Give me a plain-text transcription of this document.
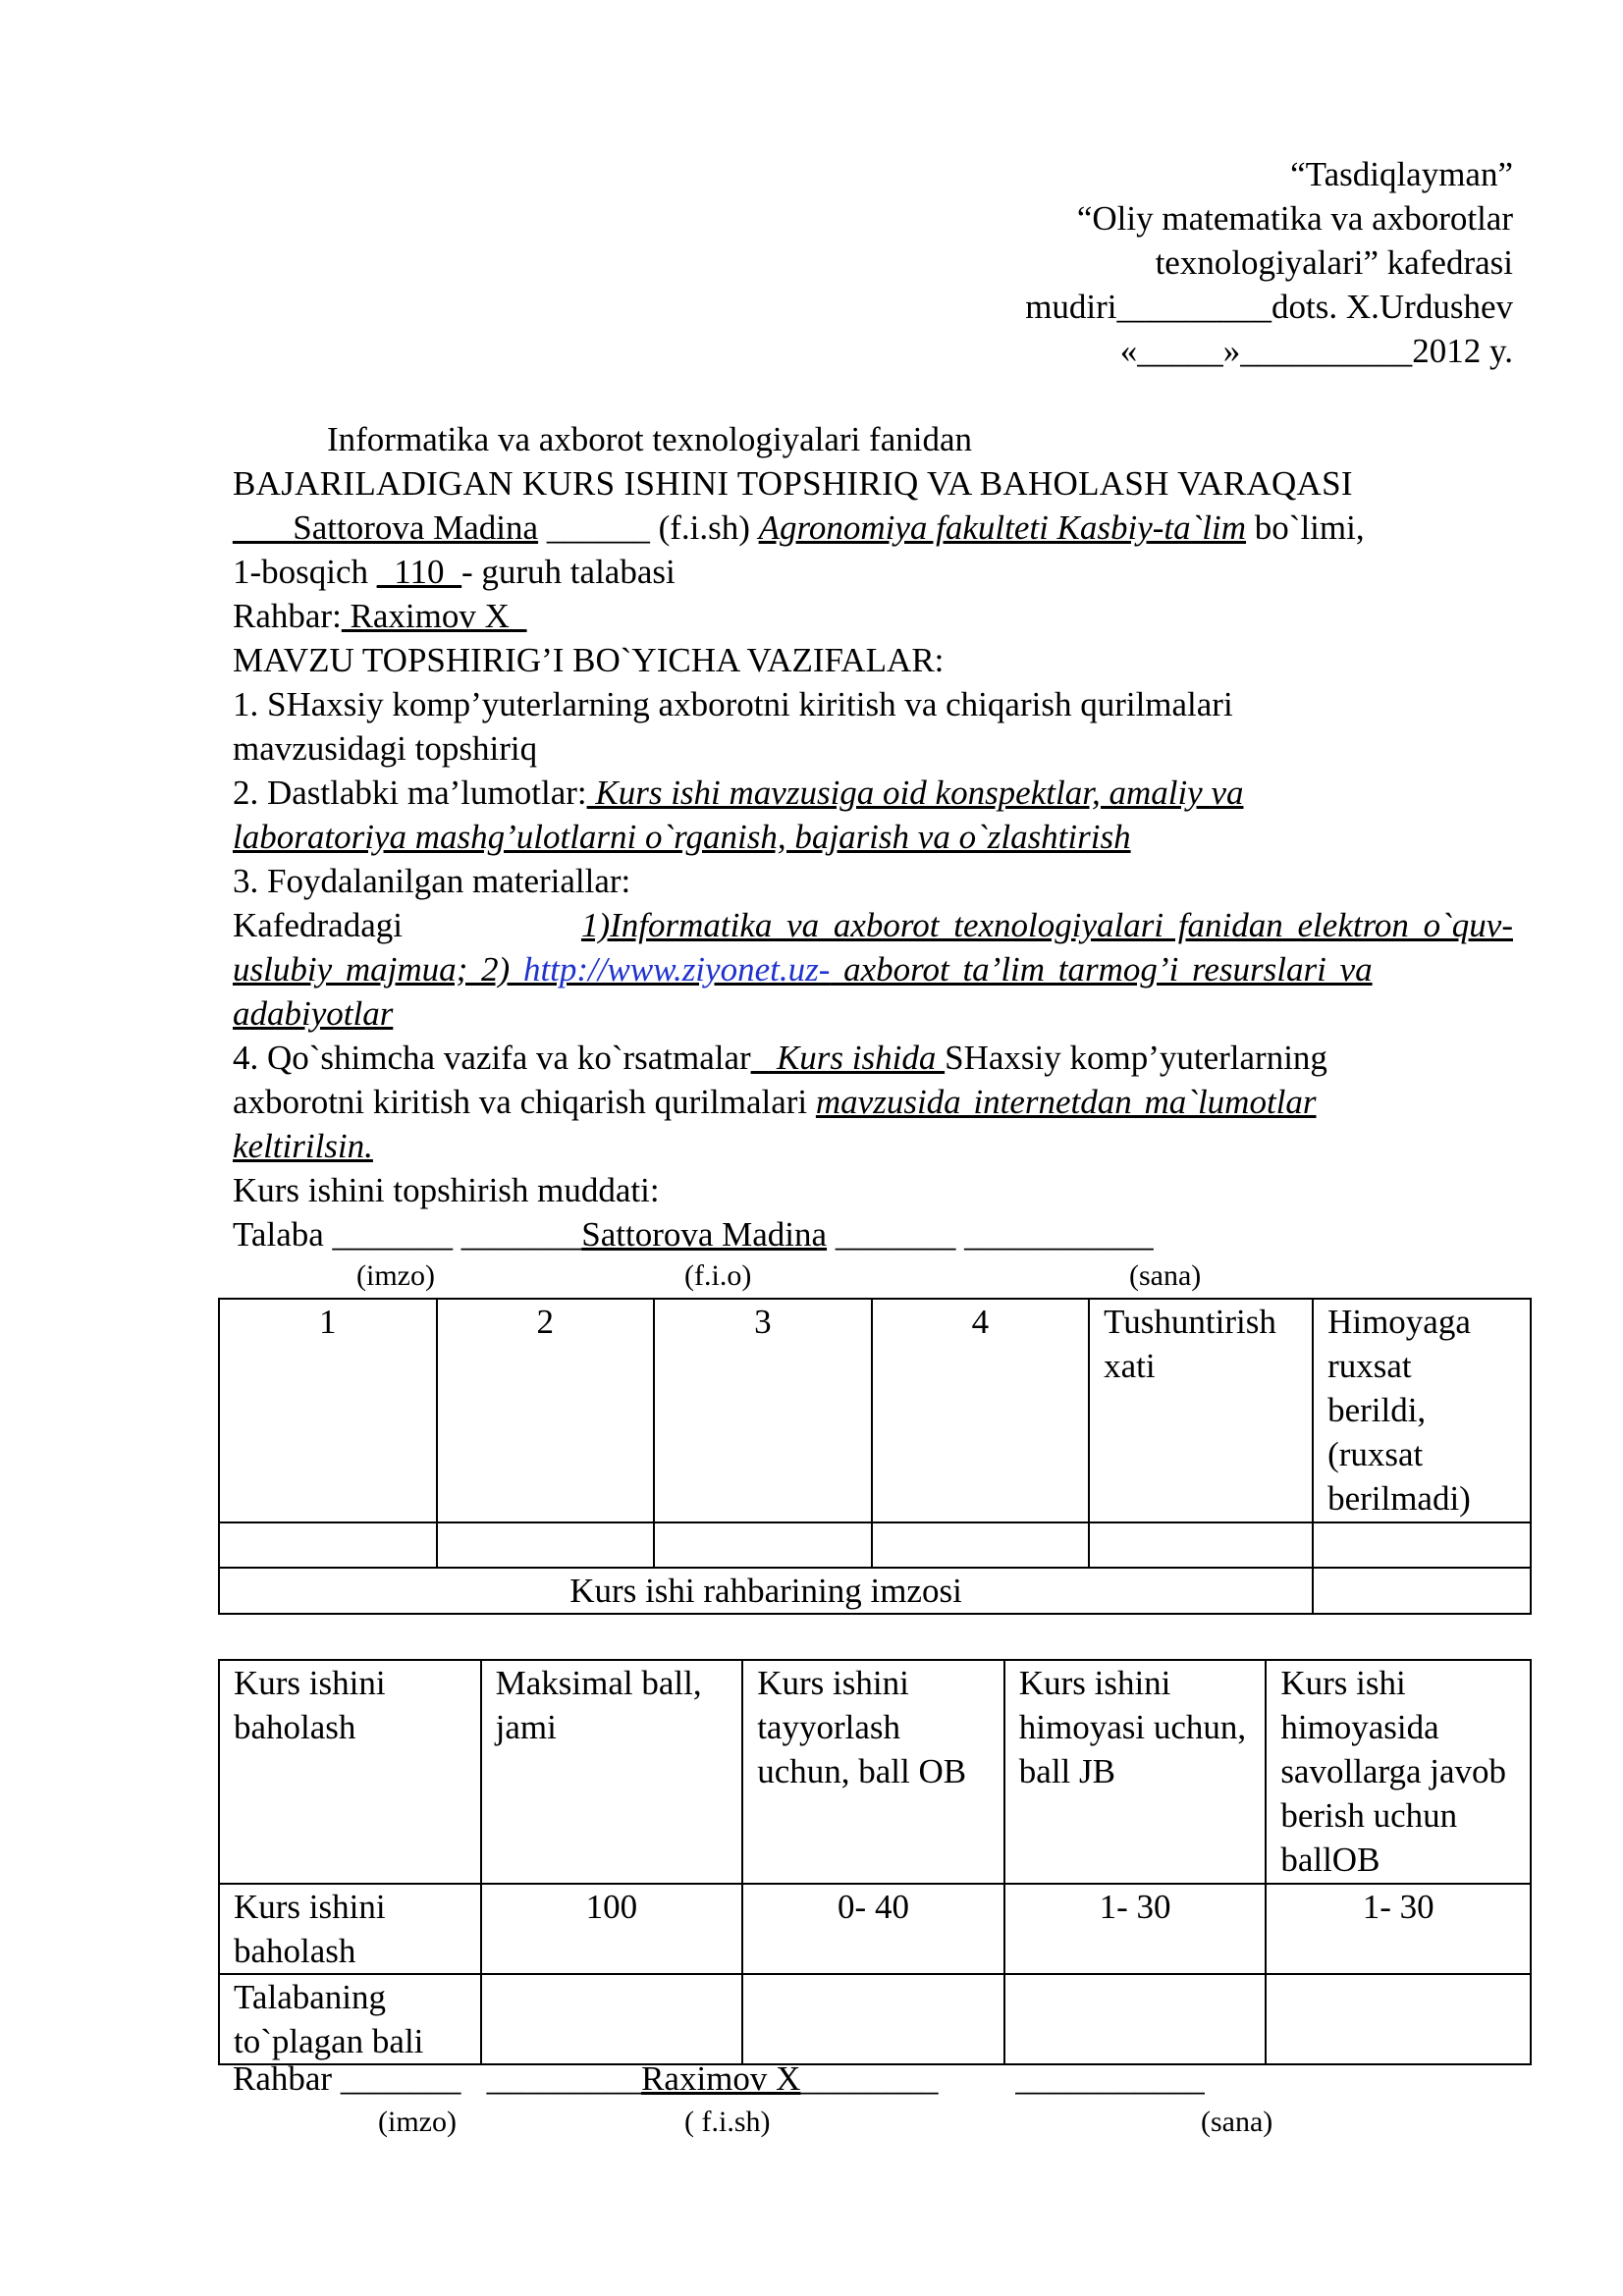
“Tasdiqlayman”
“Oliy matematika va axborotlar
texnologiyalari” kafedrasi
mudiri_________dots. X.Urdushev
«_____»__________2012 y.
Informatika va axborot texnologiyalari fanidan
BAJARILADIGAN KURS ISHINI TOPSHIRIQ VA BAHOLASH VARAQASI
___ Sattorova Madina ______ (f.i.sh) Agronomiya fakulteti Kasbiy-ta`lim bo`limi,
1-bosqich _110_- guruh talabasi
Rahbar: Raximov X_
MAVZU TOPSHIRIG’I BO`YICHA VAZIFALAR:
1. SHaxsiy komp’yuterlarning axborotni kiritish va chiqarish qurilmalari
mavzusidagi topshiriq
2. Dastlabki ma’lumotlar: Kurs ishi mavzusiga oid konspektlar, amaliy va
laboratoriya mashg’ulotlarni o`rganish, bajarish va o`zlashtirish
3. Foydalanilgan materiallar:
Kafedradagi	1)Informatika va axborot texnologiyalari fanidan elektron o`quv-
uslubiy majmua; 2) http://www.ziyonet.uz- axborot ta’lim tarmog’i resurslari va
adabiyotlar
4. Qo`shimcha vazifa va ko`rsatmalar_ Kurs ishida SHaxsiy komp’yuterlarning
axborotni kiritish va chiqarish qurilmalari mavzusida internetdan ma`lumotlar
keltirilsin.
Kurs ishini topshirish muddati:
Talaba _______ _______Sattorova Madina _______ ___________
(imzo)	(f.i.o)	(sana)
1	2	3	4	Tushuntirish xati	Himoyaga ruxsat berildi, (ruxsat berilmadi)

Kurs ishi rahbarining imzosi					
Kurs ishini baholash	Maksimal ball, jami	Kurs ishini tayyorlash uchun, ball OB	Kurs ishini himoyasi uchun, ball JB	Kurs ishi himoyasida savollarga javob berish uchun ballOB
Kurs ishini baholash	100	0- 40	1- 30	1- 30
Talabaning to`plagan bali				
Rahbar _______ _________Raximov X________ ___________
(imzo)	( f.i.sh)	(sana)
